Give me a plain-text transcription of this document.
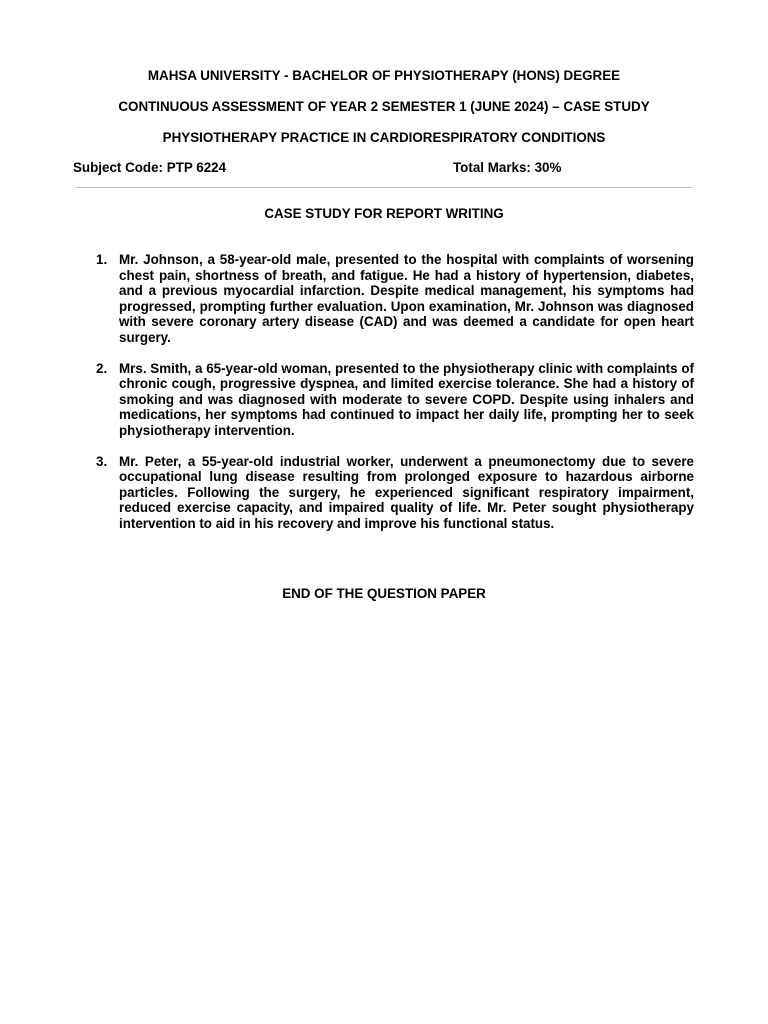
MAHSA UNIVERSITY - BACHELOR OF PHYSIOTHERAPY (HONS) DEGREE
CONTINUOUS ASSESSMENT OF YEAR 2 SEMESTER 1 (JUNE 2024) – CASE STUDY
PHYSIOTHERAPY PRACTICE IN CARDIORESPIRATORY CONDITIONS
Subject Code: PTP 6224	Total Marks: 30%
CASE STUDY FOR REPORT WRITING
1. Mr. Johnson, a 58-year-old male, presented to the hospital with complaints of worsening chest pain, shortness of breath, and fatigue. He had a history of hypertension, diabetes, and a previous myocardial infarction. Despite medical management, his symptoms had progressed, prompting further evaluation. Upon examination, Mr. Johnson was diagnosed with severe coronary artery disease (CAD) and was deemed a candidate for open heart surgery.
2. Mrs. Smith, a 65-year-old woman, presented to the physiotherapy clinic with complaints of chronic cough, progressive dyspnea, and limited exercise tolerance. She had a history of smoking and was diagnosed with moderate to severe COPD. Despite using inhalers and medications, her symptoms had continued to impact her daily life, prompting her to seek physiotherapy intervention.
3. Mr. Peter, a 55-year-old industrial worker, underwent a pneumonectomy due to severe occupational lung disease resulting from prolonged exposure to hazardous airborne particles. Following the surgery, he experienced significant respiratory impairment, reduced exercise capacity, and impaired quality of life. Mr. Peter sought physiotherapy intervention to aid in his recovery and improve his functional status.
END OF THE QUESTION PAPER
